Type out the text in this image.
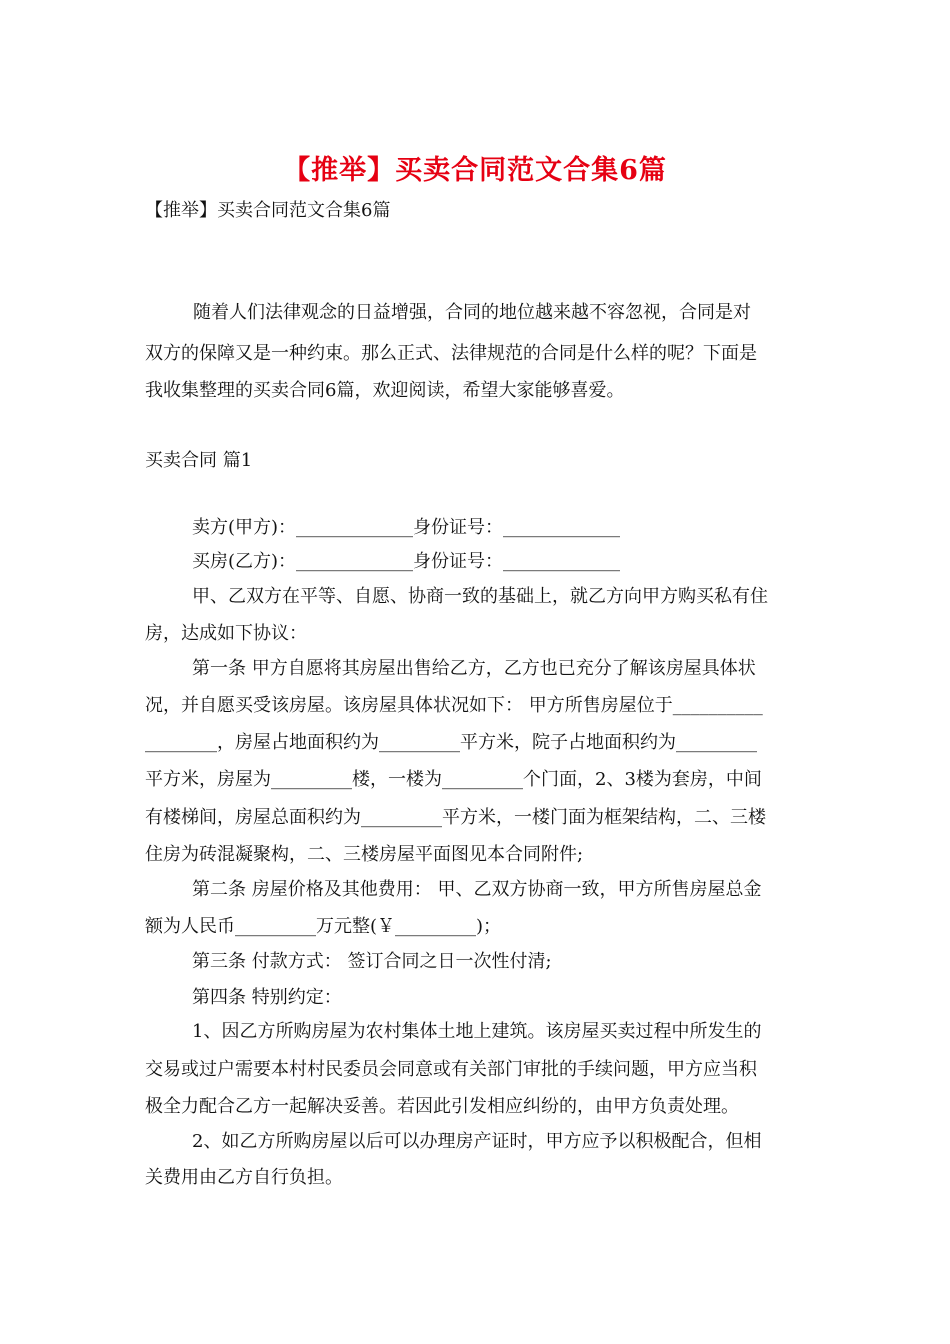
【推举】买卖合同范文合集6篇
【推举】买卖合同范文合集6篇
随着人们法律观念的日益增强，合同的地位越来越不容忽视，合同是对
双方的保障又是一种约束。那么正式、法律规范的合同是什么样的呢？下面是
我收集整理的买卖合同6篇，欢迎阅读，希望大家能够喜爱。
买卖合同 篇1
卖方(甲方)：_____________身份证号：_____________
买房(乙方)：_____________身份证号：_____________
甲、乙双方在平等、自愿、协商一致的基础上，就乙方向甲方购买私有住
房，达成如下协议：
第一条 甲方自愿将其房屋出售给乙方，乙方也已充分了解该房屋具体状
况，并自愿买受该房屋。该房屋具体状况如下： 甲方所售房屋位于__________
________，房屋占地面积约为_________平方米，院子占地面积约为_________
平方米，房屋为_________楼，一楼为_________个门面，2、3楼为套房，中间
有楼梯间，房屋总面积约为_________平方米，一楼门面为框架结构，二、三楼
住房为砖混凝聚构，二、三楼房屋平面图见本合同附件;
第二条 房屋价格及其他费用： 甲、乙双方协商一致，甲方所售房屋总金
额为人民币_________万元整(￥_________)；
第三条 付款方式： 签订合同之日一次性付清;
第四条 特别约定：
1、因乙方所购房屋为农村集体土地上建筑。该房屋买卖过程中所发生的
交易或过户需要本村村民委员会同意或有关部门审批的手续问题，甲方应当积
极全力配合乙方一起解决妥善。若因此引发相应纠纷的，由甲方负责处理。
2、如乙方所购房屋以后可以办理房产证时，甲方应予以积极配合，但相
关费用由乙方自行负担。
